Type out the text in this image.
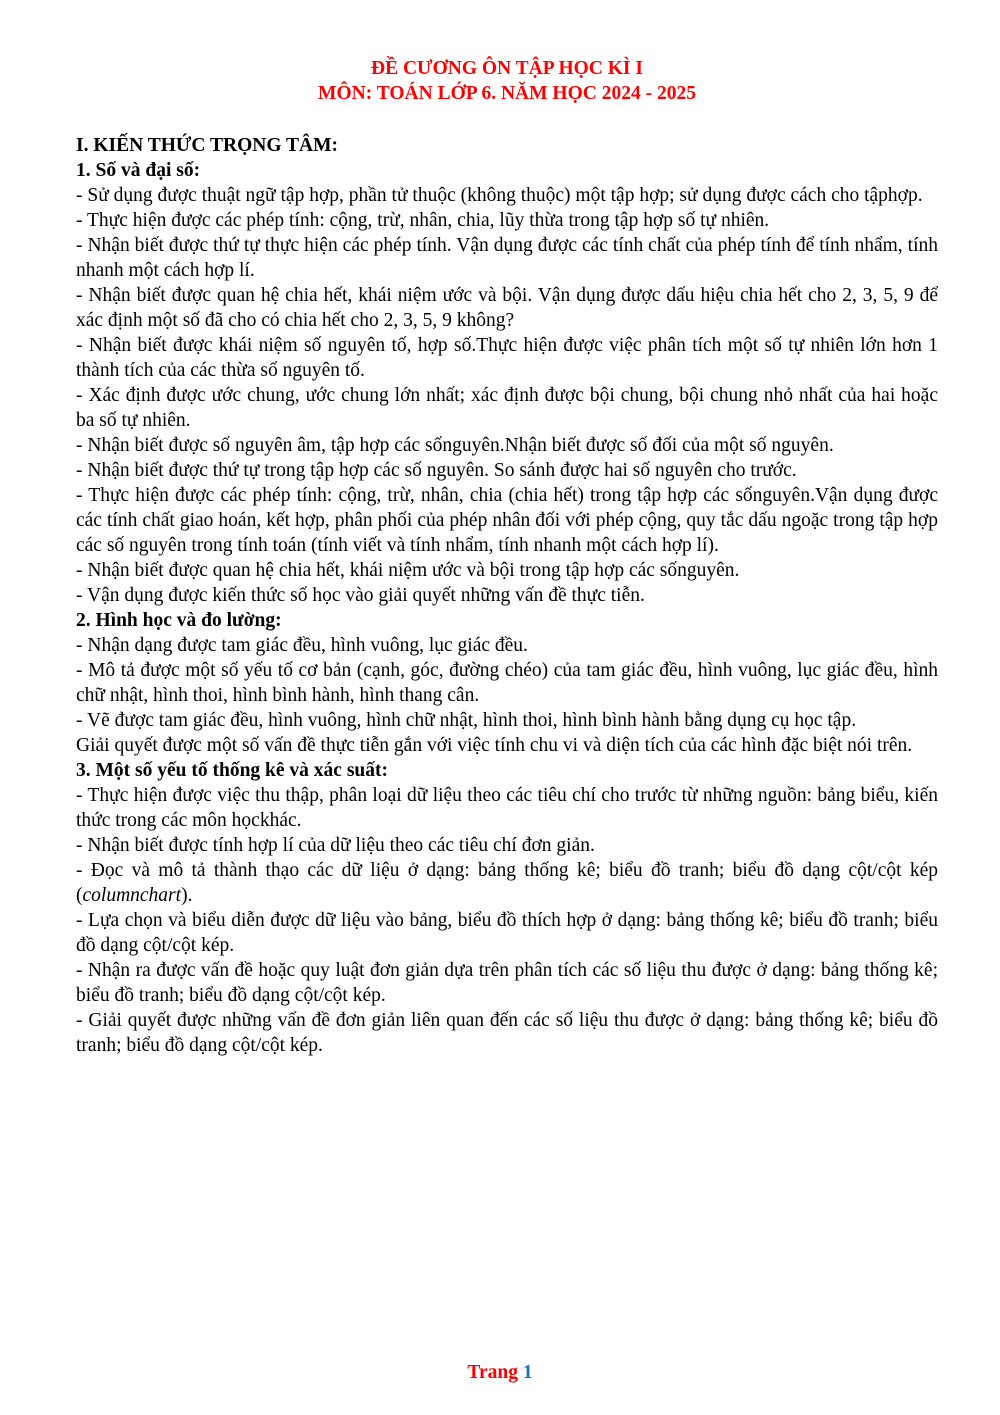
ĐỀ CƯƠNG ÔN TẬP HỌC KÌ I
MÔN: TOÁN LỚP 6. NĂM HỌC 2024 - 2025
I. KIẾN THỨC TRỌNG TÂM:
1. Số và đại số:
- Sử dụng được thuật ngữ tập hợp, phần tử thuộc (không thuộc) một tập hợp; sử dụng được cách cho tậphợp.
- Thực hiện được các phép tính: cộng, trừ, nhân, chia, lũy thừa trong tập hợp số tự nhiên.
- Nhận biết được thứ tự thực hiện các phép tính. Vận dụng được các tính chất của phép tính để tính nhẩm, tính nhanh một cách hợp lí.
- Nhận biết được quan hệ chia hết, khái niệm ước và bội. Vận dụng được dấu hiệu chia hết cho 2, 3, 5, 9 để xác định một số đã cho có chia hết cho 2, 3, 5, 9 không?
- Nhận biết được khái niệm số nguyên tố, hợp số.Thực hiện được việc phân tích một số tự nhiên lớn hơn 1 thành tích của các thừa số nguyên tố.
- Xác định được ước chung, ước chung lớn nhất; xác định được bội chung, bội chung nhỏ nhất của hai hoặc ba số tự nhiên.
- Nhận biết được số nguyên âm, tập hợp các sốnguyên.Nhận biết được số đối của một số nguyên.
- Nhận biết được thứ tự trong tập hợp các số nguyên. So sánh được hai số nguyên cho trước.
- Thực hiện được các phép tính: cộng, trừ, nhân, chia (chia hết) trong tập hợp các sốnguyên.Vận dụng được các tính chất giao hoán, kết hợp, phân phối của phép nhân đối với phép cộng, quy tắc dấu ngoặc trong tập hợp các số nguyên trong tính toán (tính viết và tính nhẩm, tính nhanh một cách hợp lí).
- Nhận biết được quan hệ chia hết, khái niệm ước và bội trong tập hợp các sốnguyên.
- Vận dụng được kiến thức số học vào giải quyết những vấn đề thực tiễn.
2. Hình học và đo lường:
- Nhận dạng được tam giác đều, hình vuông, lục giác đều.
- Mô tả được một số yếu tố cơ bản (cạnh, góc, đường chéo) của tam giác đều, hình vuông, lục giác đều, hình chữ nhật, hình thoi, hình bình hành, hình thang cân.
- Vẽ được tam giác đều, hình vuông, hình chữ nhật, hình thoi, hình bình hành bằng dụng cụ học tập.
Giải quyết được một số vấn đề thực tiễn gắn với việc tính chu vi và diện tích của các hình đặc biệt nói trên.
3. Một số yếu tố thống kê và xác suất:
- Thực hiện được việc thu thập, phân loại dữ liệu theo các tiêu chí cho trước từ những nguồn: bảng biểu, kiến thức trong các môn họckhác.
- Nhận biết được tính hợp lí của dữ liệu theo các tiêu chí đơn giản.
- Đọc và mô tả thành thạo các dữ liệu ở dạng: bảng thống kê; biểu đồ tranh; biểu đồ dạng cột/cột kép (columnchart).
- Lựa chọn và biểu diễn được dữ liệu vào bảng, biểu đồ thích hợp ở dạng: bảng thống kê; biểu đồ tranh; biểu đồ dạng cột/cột kép.
- Nhận ra được vấn đề hoặc quy luật đơn giản dựa trên phân tích các số liệu thu được ở dạng: bảng thống kê; biểu đồ tranh; biểu đồ dạng cột/cột kép.
- Giải quyết được những vấn đề đơn giản liên quan đến các số liệu thu được ở dạng: bảng thống kê; biểu đồ tranh; biểu đồ dạng cột/cột kép.
Trang 1
